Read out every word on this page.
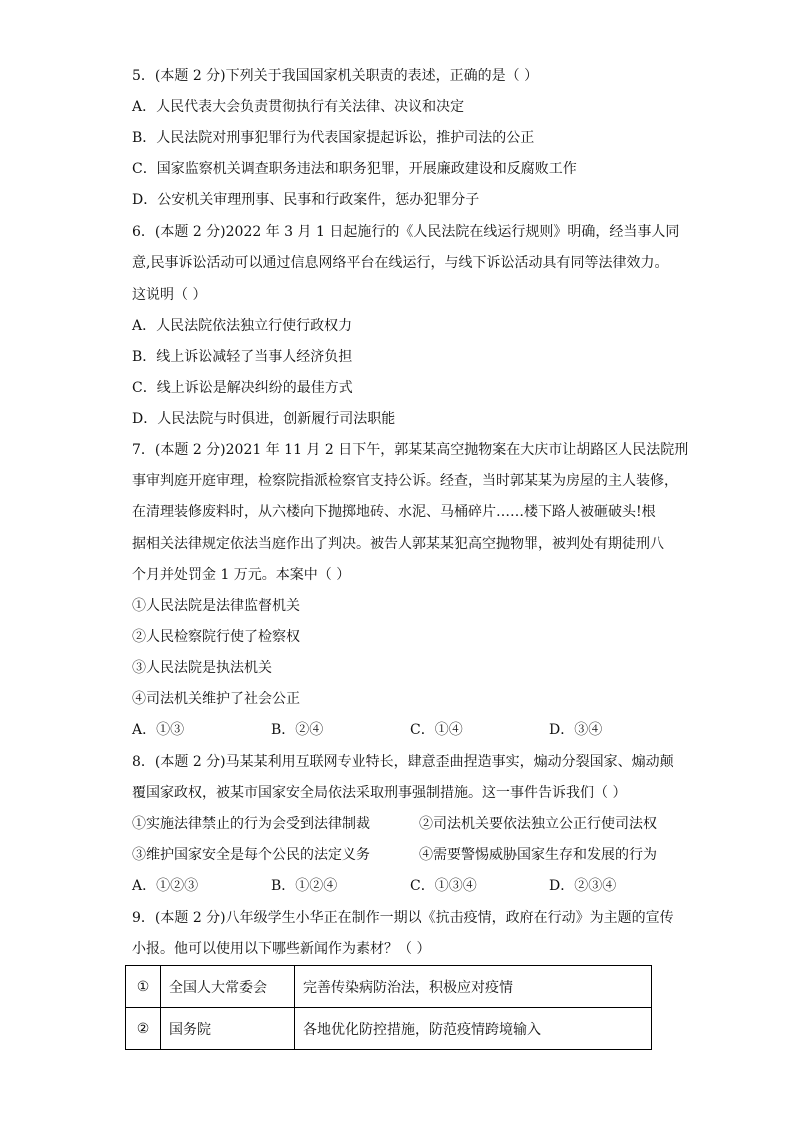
5．(本题 2 分)下列关于我国国家机关职责的表述，正确的是（ ）
A．人民代表大会负责贯彻执行有关法律、决议和决定
B．人民法院对刑事犯罪行为代表国家提起诉讼，推护司法的公正
C．国家监察机关调查职务违法和职务犯罪，开展廉政建设和反腐败工作
D．公安机关审理刑事、民事和行政案件，惩办犯罪分子
6．(本题 2 分)2022 年 3 月 1 日起施行的《人民法院在线运行规则》明确，经当事人同
意,民事诉讼活动可以通过信息网络平台在线运行，与线下诉讼活动具有同等法律效力。
这说明（ ）
A．人民法院依法独立行使行政权力
B．线上诉讼减轻了当事人经济负担
C．线上诉讼是解决纠纷的最佳方式
D．人民法院与时俱进，创新履行司法职能
7．(本题 2 分)2021 年 11 月 2 日下午，郭某某高空抛物案在大庆市让胡路区人民法院刑
事审判庭开庭审理，检察院指派检察官支持公诉。经查，当时郭某某为房屋的主人装修，
在清理装修废料时，从六楼向下抛掷地砖、水泥、马桶碎片……楼下路人被砸破头!根
据相关法律规定依法当庭作出了判决。被告人郭某某犯高空抛物罪，被判处有期徒刑八
个月并处罚金 1 万元。本案中（ ）
①人民法院是法律监督机关
②人民检察院行使了检察权
③人民法院是执法机关
④司法机关维护了社会公正
A．①③	B．②④	C．①④	D．③④
8．(本题 2 分)马某某利用互联网专业特长，肆意歪曲捏造事实，煽动分裂国家、煽动颠
覆国家政权，被某市国家安全局依法采取刑事强制措施。这一事件告诉我们（ ）
①实施法律禁止的行为会受到法律制裁	②司法机关要依法独立公正行使司法权
③维护国家安全是每个公民的法定义务	④需要警惕威胁国家生存和发展的行为
A．①②③	B．①②④	C．①③④	D．②③④
9．(本题 2 分)八年级学生小华正在制作一期以《抗击疫情，政府在行动》为主题的宣传
小报。他可以使用以下哪些新闻作为素材？（ ）
①	全国人大常委会	完善传染病防治法，积极应对疫情
②	国务院	各地优化防控措施，防范疫情跨境输入
